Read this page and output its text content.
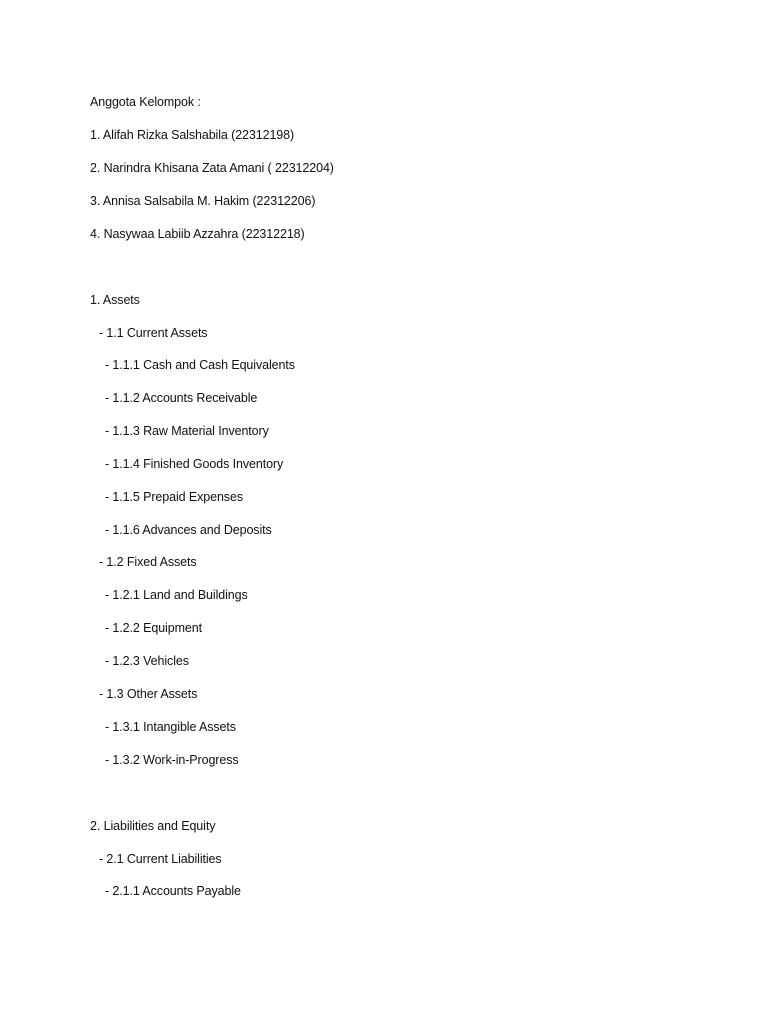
Anggota Kelompok :
1. Alifah Rizka Salshabila (22312198)
2. Narindra Khisana Zata Amani ( 22312204)
3. Annisa Salsabila M. Hakim (22312206)
4. Nasywaa Labiib Azzahra (22312218)
1. Assets
- 1.1 Current Assets
- 1.1.1 Cash and Cash Equivalents
- 1.1.2 Accounts Receivable
- 1.1.3 Raw Material Inventory
- 1.1.4 Finished Goods Inventory
- 1.1.5 Prepaid Expenses
- 1.1.6 Advances and Deposits
- 1.2 Fixed Assets
- 1.2.1 Land and Buildings
- 1.2.2 Equipment
- 1.2.3 Vehicles
- 1.3 Other Assets
- 1.3.1 Intangible Assets
- 1.3.2 Work-in-Progress
2. Liabilities and Equity
- 2.1 Current Liabilities
- 2.1.1 Accounts Payable
